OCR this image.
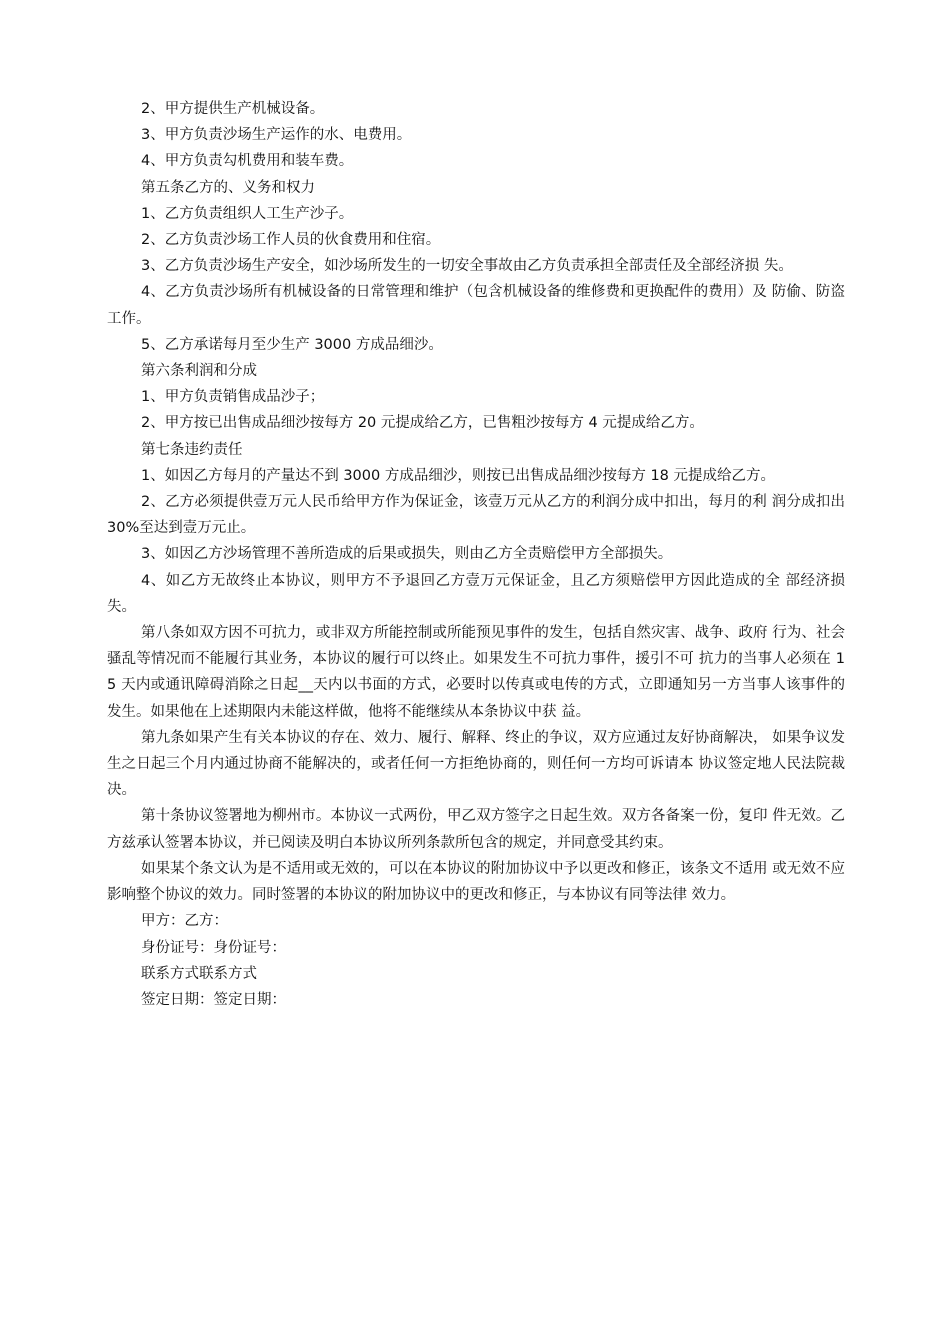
2、甲方提供生产机械设备。

3、甲方负责沙场生产运作的水、电费用。

4、甲方负责勾机费用和装车费。

第五条乙方的、义务和权力

1、乙方负责组织人工生产沙子。

2、乙方负责沙场工作人员的伙食费用和住宿。

3、乙方负责沙场生产安全，如沙场所发生的一切安全事故由乙方负责承担全部责任及全部经济损 失。

4、乙方负责沙场所有机械设备的日常管理和维护（包含机械设备的维修费和更换配件的费用）及 防偷、防盗工作。

5、乙方承诺每月至少生产 3000 方成品细沙。

第六条利润和分成

1、甲方负责销售成品沙子；

2、甲方按已出售成品细沙按每方 20 元提成给乙方，已售粗沙按每方 4 元提成给乙方。

第七条违约责任

1、如因乙方每月的产量达不到 3000 方成品细沙，则按已出售成品细沙按每方 18 元提成给乙方。

2、乙方必须提供壹万元人民币给甲方作为保证金，该壹万元从乙方的利润分成中扣出，每月的利 润分成扣出 30%至达到壹万元止。

3、如因乙方沙场管理不善所造成的后果或损失，则由乙方全责赔偿甲方全部损失。

4、如乙方无故终止本协议，则甲方不予退回乙方壹万元保证金，且乙方须赔偿甲方因此造成的全 部经济损失。

第八条如双方因不可抗力，或非双方所能控制或所能预见事件的发生，包括自然灾害、战争、政府 行为、社会骚乱等情况而不能履行其业务，本协议的履行可以终止。如果发生不可抗力事件，援引不可 抗力的当事人必须在 15 天内或通讯障碍消除之日起__天内以书面的方式，必要时以传真或电传的方式，立即通知另一方当事人该事件的发生。如果他在上述期限内未能这样做，他将不能继续从本条协议中获 益。

第九条如果产生有关本协议的存在、效力、履行、解释、终止的争议，双方应通过友好协商解决， 如果争议发生之日起三个月内通过协商不能解决的，或者任何一方拒绝协商的，则任何一方均可诉请本 协议签定地人民法院裁决。

第十条协议签署地为柳州市。本协议一式两份，甲乙双方签字之日起生效。双方各备案一份，复印 件无效。乙方兹承认签署本协议，并已阅读及明白本协议所列条款所包含的规定，并同意受其约束。

如果某个条文认为是不适用或无效的，可以在本协议的附加协议中予以更改和修正，该条文不适用 或无效不应影响整个协议的效力。同时签署的本协议的附加协议中的更改和修正，与本协议有同等法律 效力。

甲方：乙方：

身份证号：身份证号：

联系方式联系方式

签定日期：签定日期：
